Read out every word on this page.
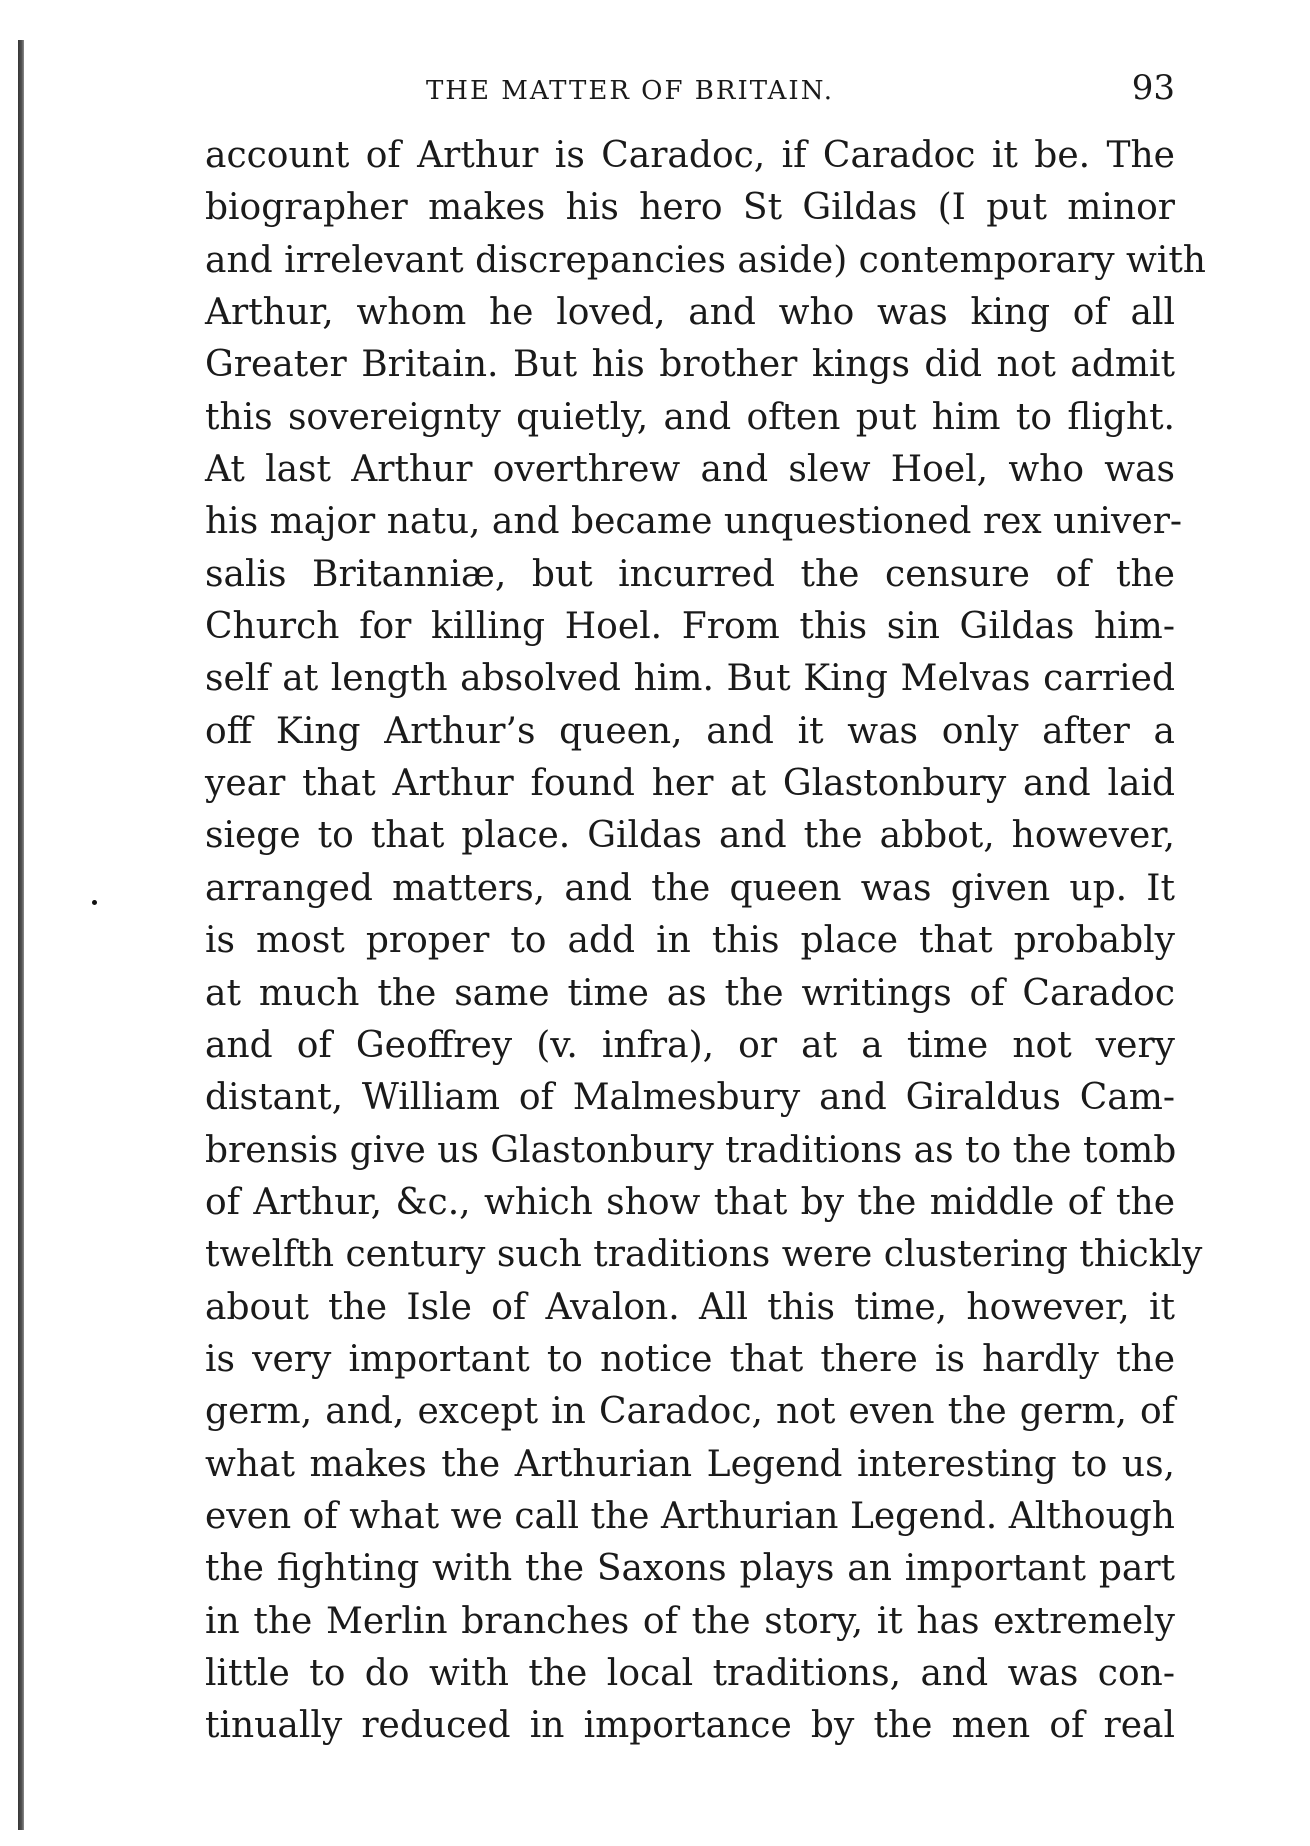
THE MATTER OF BRITAIN.	93
account of Arthur is Caradoc, if Caradoc it be. The
biographer makes his hero St Gildas (I put minor
and irrelevant discrepancies aside) contemporary with
Arthur, whom he loved, and who was king of all
Greater Britain. But his brother kings did not admit
this sovereignty quietly, and often put him to flight.
At last Arthur overthrew and slew Hoel, who was
his major natu, and became unquestioned rex univer-
salis Britanniæ, but incurred the censure of the
Church for killing Hoel. From this sin Gildas him-
self at length absolved him. But King Melvas carried
off King Arthur’s queen, and it was only after a
year that Arthur found her at Glastonbury and laid
siege to that place. Gildas and the abbot, however,
arranged matters, and the queen was given up. It
is most proper to add in this place that probably
at much the same time as the writings of Caradoc
and of Geoffrey (v. infra), or at a time not very
distant, William of Malmesbury and Giraldus Cam-
brensis give us Glastonbury traditions as to the tomb
of Arthur, &c., which show that by the middle of the
twelfth century such traditions were clustering thickly
about the Isle of Avalon. All this time, however, it
is very important to notice that there is hardly the
germ, and, except in Caradoc, not even the germ, of
what makes the Arthurian Legend interesting to us,
even of what we call the Arthurian Legend. Although
the fighting with the Saxons plays an important part
in the Merlin branches of the story, it has extremely
little to do with the local traditions, and was con-
tinually reduced in importance by the men of real
